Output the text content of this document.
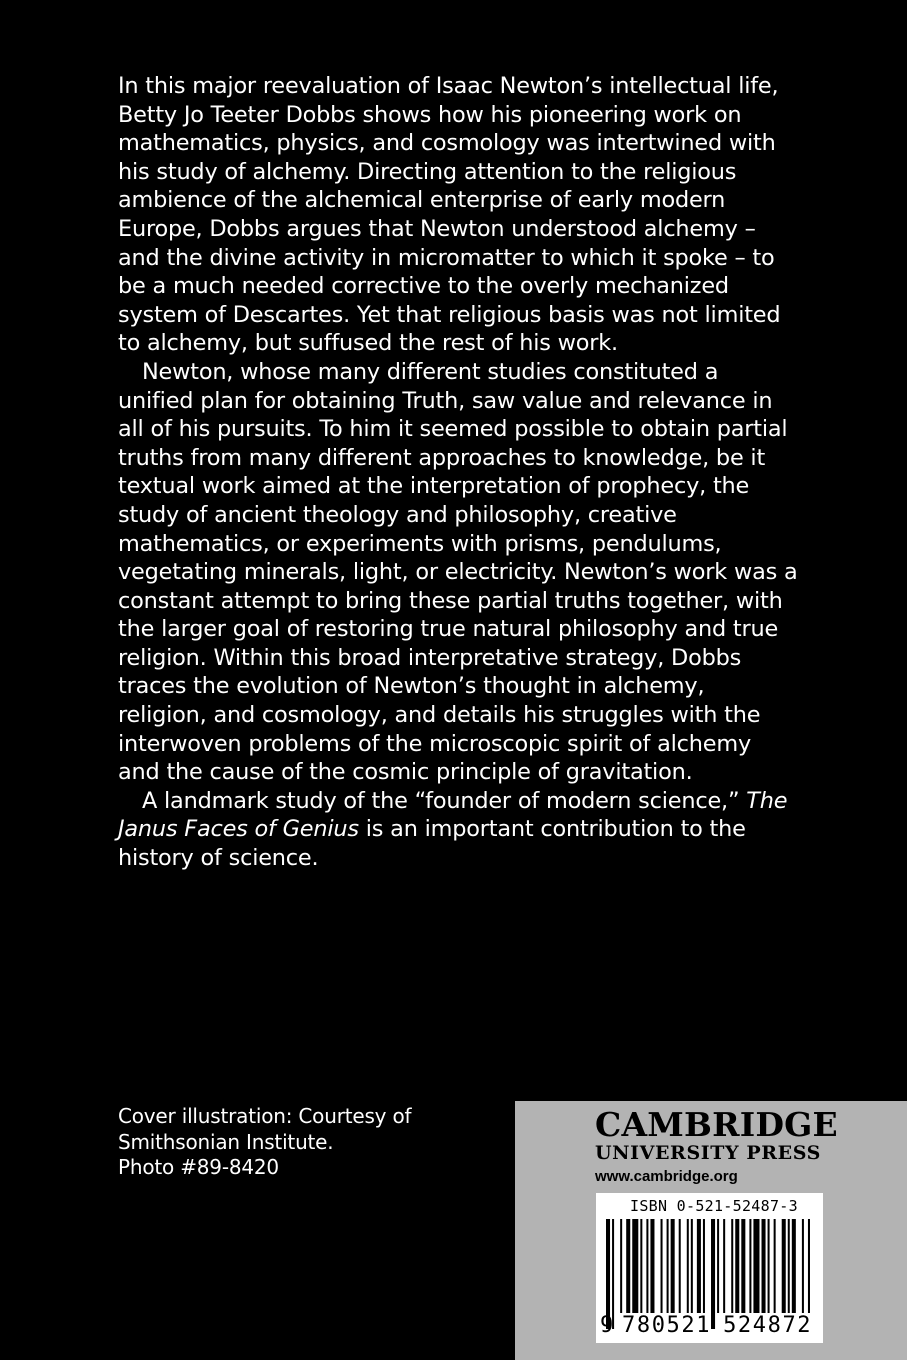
In this major reevaluation of Isaac Newton’s intellectual life, Betty Jo Teeter Dobbs shows how his pioneering work on mathematics, physics, and cosmology was intertwined with his study of alchemy. Directing attention to the religious ambience of the alchemical enterprise of early modern Europe, Dobbs argues that Newton understood alchemy – and the divine activity in micromatter to which it spoke – to be a much needed corrective to the overly mechanized system of Descartes. Yet that religious basis was not limited to alchemy, but suffused the rest of his work.

Newton, whose many different studies constituted a unified plan for obtaining Truth, saw value and relevance in all of his pursuits. To him it seemed possible to obtain partial truths from many different approaches to knowledge, be it textual work aimed at the interpretation of prophecy, the study of ancient theology and philosophy, creative mathematics, or experiments with prisms, pendulums, vegetating minerals, light, or electricity. Newton’s work was a constant attempt to bring these partial truths together, with the larger goal of restoring true natural philosophy and true religion. Within this broad interpretative strategy, Dobbs traces the evolution of Newton’s thought in alchemy, religion, and cosmology, and details his struggles with the interwoven problems of the microscopic spirit of alchemy and the cause of the cosmic principle of gravitation.

A landmark study of the “founder of modern science,” The Janus Faces of Genius is an important contribution to the history of science.

Cover illustration: Courtesy of
Smithsonian Institute.
Photo #89-8420
CAMBRIDGE
UNIVERSITY PRESS
www.cambridge.org
ISBN 0-521-52487-3
9 780521 524872
